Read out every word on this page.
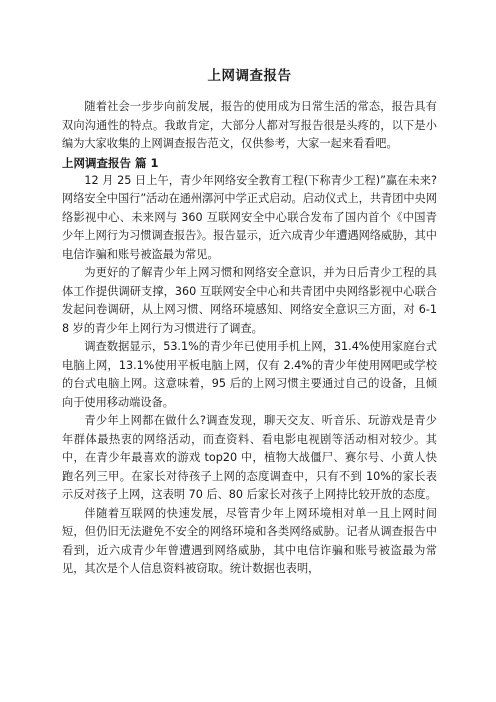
上网调查报告

随着社会一步步向前发展，报告的使用成为日常生活的常态，报告具有双向沟通性的特点。我敢肯定，大部分人都对写报告很是头疼的，以下是小编为大家收集的上网调查报告范文，仅供参考，大家一起来看看吧。

上网调查报告 篇 1

12 月 25 日上午，青少年网络安全教育工程(下称青少工程)”赢在未来?网络安全中国行”活动在通州漷河中学正式启动。启动仪式上，共青团中央网络影视中心、未来网与 360 互联网安全中心联合发布了国内首个《中国青少年上网行为习惯调查报告》。报告显示，近六成青少年遭遇网络威胁，其中电信诈骗和账号被盗最为常见。

为更好的了解青少年上网习惯和网络安全意识，并为日后青少工程的具体工作提供调研支撑，360 互联网安全中心和共青团中央网络影视中心联合发起问卷调研，从上网习惯、网络环境感知、网络安全意识三方面，对 6-18 岁的青少年上网行为习惯进行了调查。

调查数据显示，53.1%的青少年已使用手机上网，31.4%使用家庭台式电脑上网，13.1%使用平板电脑上网，仅有 2.4%的青少年使用网吧或学校的台式电脑上网。这意味着，95 后的上网习惯主要通过自己的设备，且倾向于使用移动端设备。

青少年上网都在做什么?调查发现，聊天交友、听音乐、玩游戏是青少年群体最热衷的网络活动，而查资料、看电影电视剧等活动相对较少。其中，在青少年最喜欢的游戏 top20 中，植物大战僵尸、赛尔号、小黄人快跑名列三甲。在家长对待孩子上网的态度调查中，只有不到 10%的家长表示反对孩子上网，这表明 70 后、80 后家长对孩子上网持比较开放的态度。

伴随着互联网的快速发展，尽管青少年上网环境相对单一且上网时间短，但仍旧无法避免不安全的网络环境和各类网络威胁。记者从调查报告中看到，近六成青少年曾遭遇到网络威胁，其中电信诈骗和账号被盗最为常见，其次是个人信息资料被窃取。统计数据也表明，
